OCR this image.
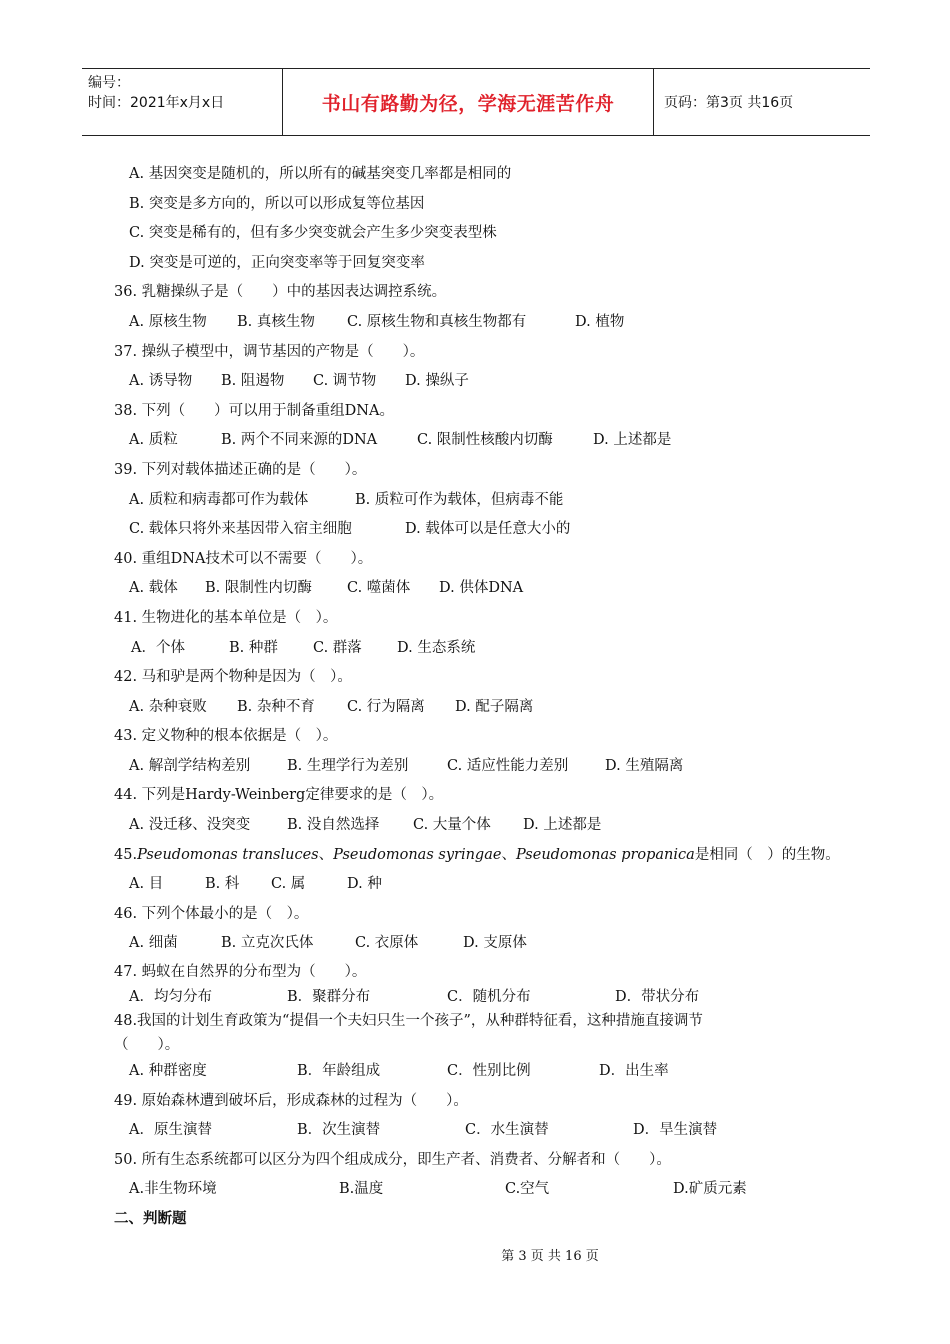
编号：
时间：2021年x月x日	书山有路勤为径，学海无涯苦作舟	页码：第3页 共16页
A. 基因突变是随机的，所以所有的碱基突变几率都是相同的
B. 突变是多方向的，所以可以形成复等位基因
C. 突变是稀有的，但有多少突变就会产生多少突变表型株
D. 突变是可逆的，正向突变率等于回复突变率
36. 乳糖操纵子是（　　）中的基因表达调控系统。
A. 原核生物 B. 真核生物 C. 原核生物和真核生物都有	D. 植物
37. 操纵子模型中，调节基因的产物是（　　）。
A. 诱导物 B. 阻遏物 C. 调节物 D. 操纵子
38. 下列（　　）可以用于制备重组DNA。
A. 质粒	B. 两个不同来源的DNA	C. 限制性核酸内切酶	D. 上述都是
39. 下列对载体描述正确的是（　　）。
A. 质粒和病毒都可作为载体	B. 质粒可作为载体，但病毒不能
C. 载体只将外来基因带入宿主细胞	D. 载体可以是任意大小的
40. 重组DNA技术可以不需要（　　）。
A. 载体 B. 限制性内切酶 C. 噬菌体 D. 供体DNA
41. 生物进化的基本单位是（　）。
A．个体	B. 种群 C. 群落 D. 生态系统
42. 马和驴是两个物种是因为（　）。
A. 杂种衰败 B. 杂种不育 C. 行为隔离 D. 配子隔离
43. 定义物种的根本依据是（　）。
A. 解剖学结构差别	B. 生理学行为差别	C. 适应性能力差别	D. 生殖隔离
44. 下列是Hardy-Weinberg定律要求的是（　）。
A. 没迁移、没突变	B. 没自然选择 C. 大量个体 D. 上述都是
45.Pseudomonas transluces、Pseudomonas syringae、Pseudomonas propanica是相同（　）的生物。
A. 目	B. 科 C. 属	D. 种
46. 下列个体最小的是（　）。
A. 细菌	B. 立克次氏体	C. 衣原体	D. 支原体
47. 蚂蚁在自然界的分布型为（　　）。
A．均匀分布	B．聚群分布	C．随机分布	D．带状分布
48.我国的计划生育政策为“提倡一个夫妇只生一个孩子”，从种群特征看，这种措施直接调节
（　　）。
A. 种群密度	B．年龄组成	C．性别比例	D．出生率
49. 原始森林遭到破坏后，形成森林的过程为（　　）。
A．原生演替	B．次生演替	C．水生演替	D．旱生演替
50. 所有生态系统都可以区分为四个组成成分，即生产者、消费者、分解者和（　　）。
A.非生物环境	B.温度	C.空气	D.矿质元素
二、判断题
第 3 页 共 16 页
